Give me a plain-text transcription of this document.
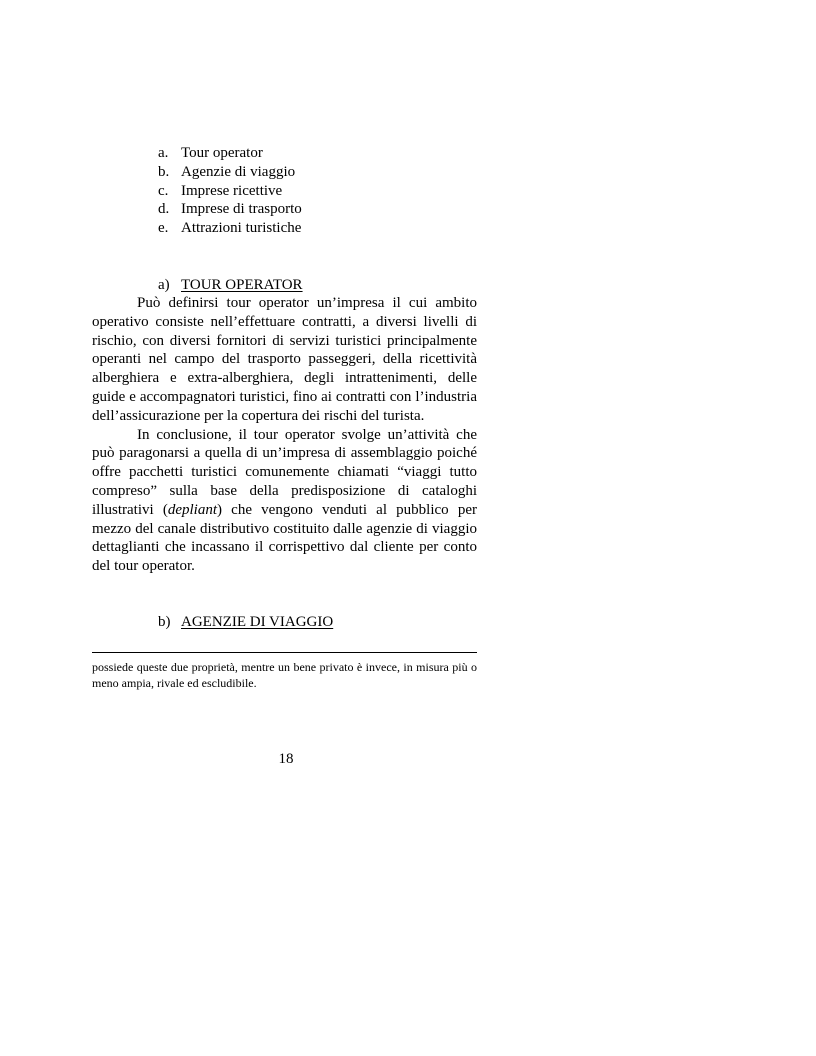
a. Tour operator
b. Agenzie di viaggio
c. Imprese ricettive
d. Imprese di trasporto
e. Attrazioni turistiche
a) TOUR OPERATOR

Può definirsi tour operator un’impresa il cui ambito operativo consiste nell’effettuare contratti, a diversi livelli di rischio, con diversi fornitori di servizi turistici principalmente operanti nel campo del trasporto passeggeri, della ricettività alberghiera e extra-alberghiera, degli intrattenimenti, delle guide e accompagnatori turistici, fino ai contratti con l’industria dell’assicurazione per la copertura dei rischi del turista.

In conclusione, il tour operator svolge un’attività che può paragonarsi a quella di un’impresa di assemblaggio poiché offre pacchetti turistici comunemente chiamati “viaggi tutto compreso” sulla base della predisposizione di cataloghi illustrativi (depliant) che vengono venduti al pubblico per mezzo del canale distributivo costituito dalle agenzie di viaggio dettaglianti che incassano il corrispettivo dal cliente per conto del tour operator.

b) AGENZIE DI VIAGGIO
possiede queste due proprietà, mentre un bene privato è invece, in misura più o meno ampia, rivale ed escludibile.
18
